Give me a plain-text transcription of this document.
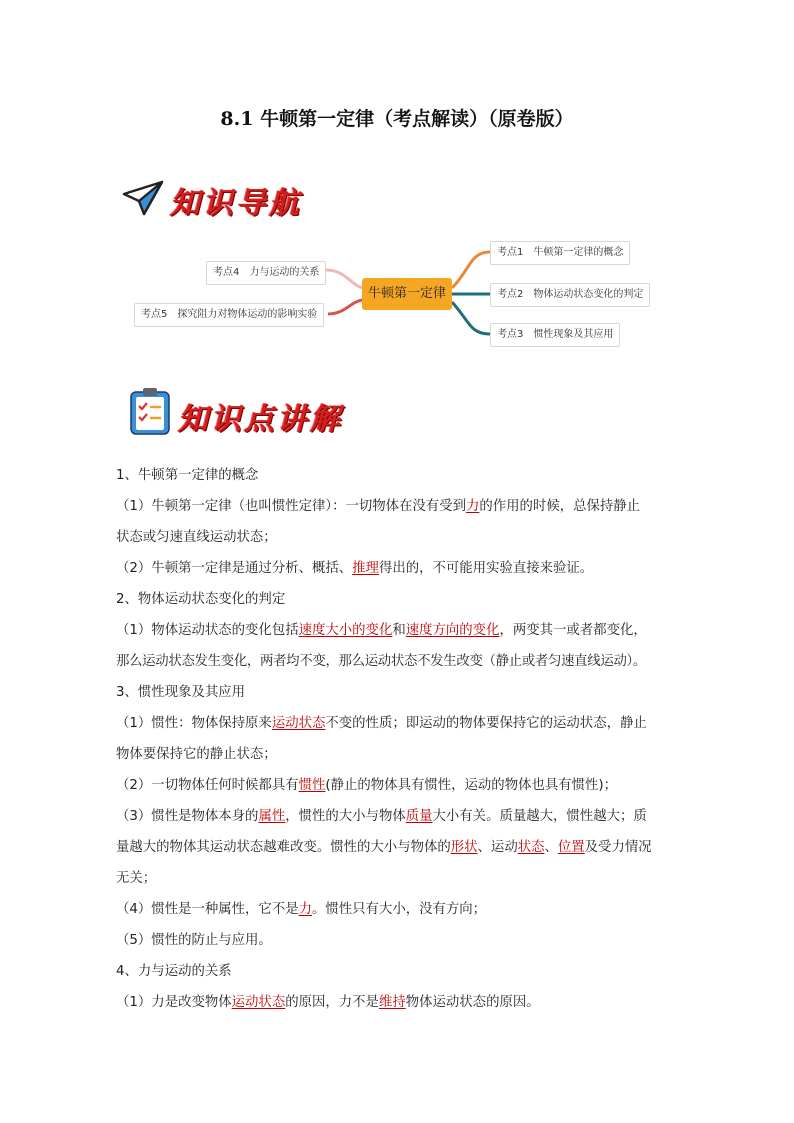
8.1 牛顿第一定律（考点解读）（原卷版）
知识导航
牛顿第一定律
考点1　牛顿第一定律的概念
考点2　物体运动状态变化的判定
考点3　惯性现象及其应用
考点4　力与运动的关系
考点5　探究阻力对物体运动的影响实验
知识点讲解

1、牛顿第一定律的概念

（1）牛顿第一定律（也叫惯性定律）：一切物体在没有受到力的作用的时候，总保持静止

状态或匀速直线运动状态；

（2）牛顿第一定律是通过分析、概括、推理得出的，不可能用实验直接来验证。

2、物体运动状态变化的判定

（1）物体运动状态的变化包括速度大小的变化和速度方向的变化，两变其一或者都变化，

那么运动状态发生变化，两者均不变，那么运动状态不发生改变（静止或者匀速直线运动）。

3、惯性现象及其应用

（1）惯性：物体保持原来运动状态不变的性质；即运动的物体要保持它的运动状态，静止

物体要保持它的静止状态；

（2）一切物体任何时候都具有惯性(静止的物体具有惯性，运动的物体也具有惯性)；

（3）惯性是物体本身的属性，惯性的大小与物体质量大小有关。质量越大，惯性越大；质

量越大的物体其运动状态越难改变。惯性的大小与物体的形状、运动状态、位置及受力情况

无关；

（4）惯性是一种属性，它不是力。惯性只有大小，没有方向；

（5）惯性的防止与应用。

4、力与运动的关系

（1）力是改变物体运动状态的原因，力不是维持物体运动状态的原因。
